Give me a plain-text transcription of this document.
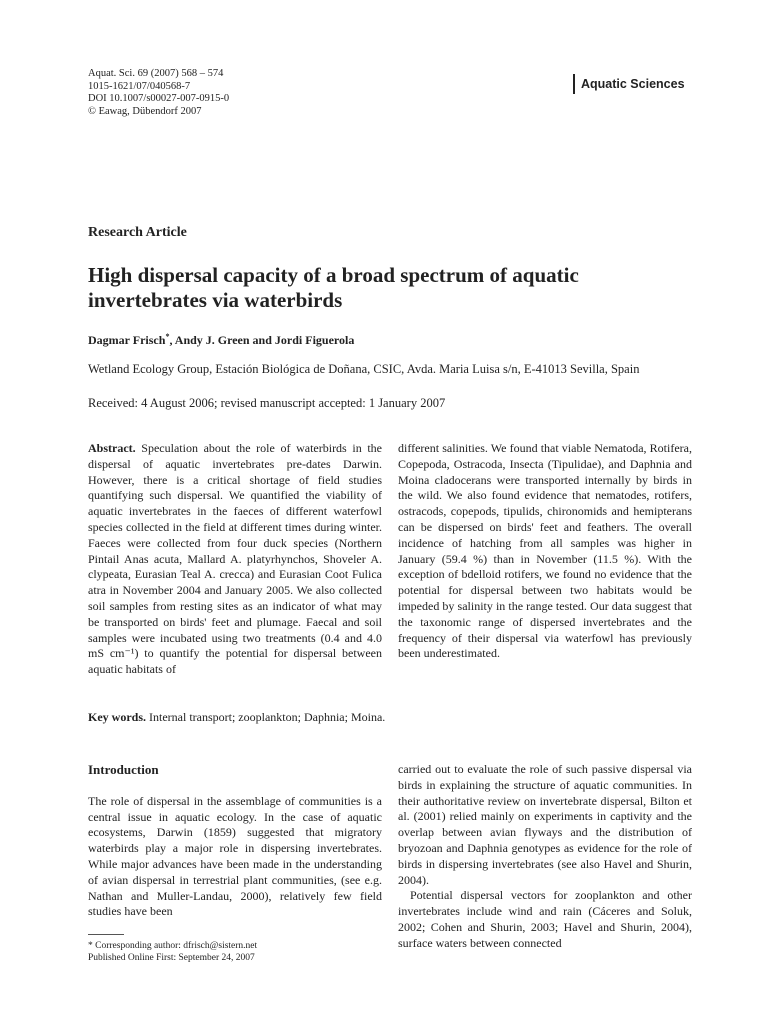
Aquat. Sci. 69 (2007) 568 – 574
1015-1621/07/040568-7
DOI 10.1007/s00027-007-0915-0
© Eawag, Dübendorf 2007
Aquatic Sciences
Research Article
High dispersal capacity of a broad spectrum of aquatic invertebrates via waterbirds
Dagmar Frisch*, Andy J. Green and Jordi Figuerola
Wetland Ecology Group, Estación Biológica de Doñana, CSIC, Avda. Maria Luisa s/n, E-41013 Sevilla, Spain
Received: 4 August 2006; revised manuscript accepted: 1 January 2007

Abstract. Speculation about the role of waterbirds in the dispersal of aquatic invertebrates pre-dates Darwin. However, there is a critical shortage of field studies quantifying such dispersal. We quantified the viability of aquatic invertebrates in the faeces of different waterfowl species collected in the field at different times during winter. Faeces were collected from four duck species (Northern Pintail Anas acuta, Mallard A. platyrhynchos, Shoveler A. clypeata, Eurasian Teal A. crecca) and Eurasian Coot Fulica atra in November 2004 and January 2005. We also collected soil samples from resting sites as an indicator of what may be transported on birds' feet and plumage. Faecal and soil samples were incubated using two treatments (0.4 and 4.0 mS cm⁻¹) to quantify the potential for dispersal between aquatic habitats of

different salinities. We found that viable Nematoda, Rotifera, Copepoda, Ostracoda, Insecta (Tipulidae), and Daphnia and Moina cladocerans were transported internally by birds in the wild. We also found evidence that nematodes, rotifers, ostracods, copepods, tipulids, chironomids and hemipterans can be dispersed on birds' feet and feathers. The overall incidence of hatching from all samples was higher in January (59.4 %) than in November (11.5 %). With the exception of bdelloid rotifers, we found no evidence that the potential for dispersal between two habitats would be impeded by salinity in the range tested. Our data suggest that the taxonomic range of dispersed invertebrates and the frequency of their dispersal via waterfowl has previously been underestimated.

Key words. Internal transport; zooplankton; Daphnia; Moina.
Introduction

The role of dispersal in the assemblage of communities is a central issue in aquatic ecology. In the case of aquatic ecosystems, Darwin (1859) suggested that migratory waterbirds play a major role in dispersing invertebrates. While major advances have been made in the understanding of avian dispersal in terrestrial plant communities, (see e.g. Nathan and Muller-Landau, 2000), relatively few field studies have been

carried out to evaluate the role of such passive dispersal via birds in explaining the structure of aquatic communities. In their authoritative review on invertebrate dispersal, Bilton et al. (2001) relied mainly on experiments in captivity and the overlap between avian flyways and the distribution of bryozoan and Daphnia genotypes as evidence for the role of birds in dispersing invertebrates (see also Havel and Shurin, 2004).

Potential dispersal vectors for zooplankton and other invertebrates include wind and rain (Cáceres and Soluk, 2002; Cohen and Shurin, 2003; Havel and Shurin, 2004), surface waters between connected

* Corresponding author: dfrisch@sistern.net
Published Online First: September 24, 2007
